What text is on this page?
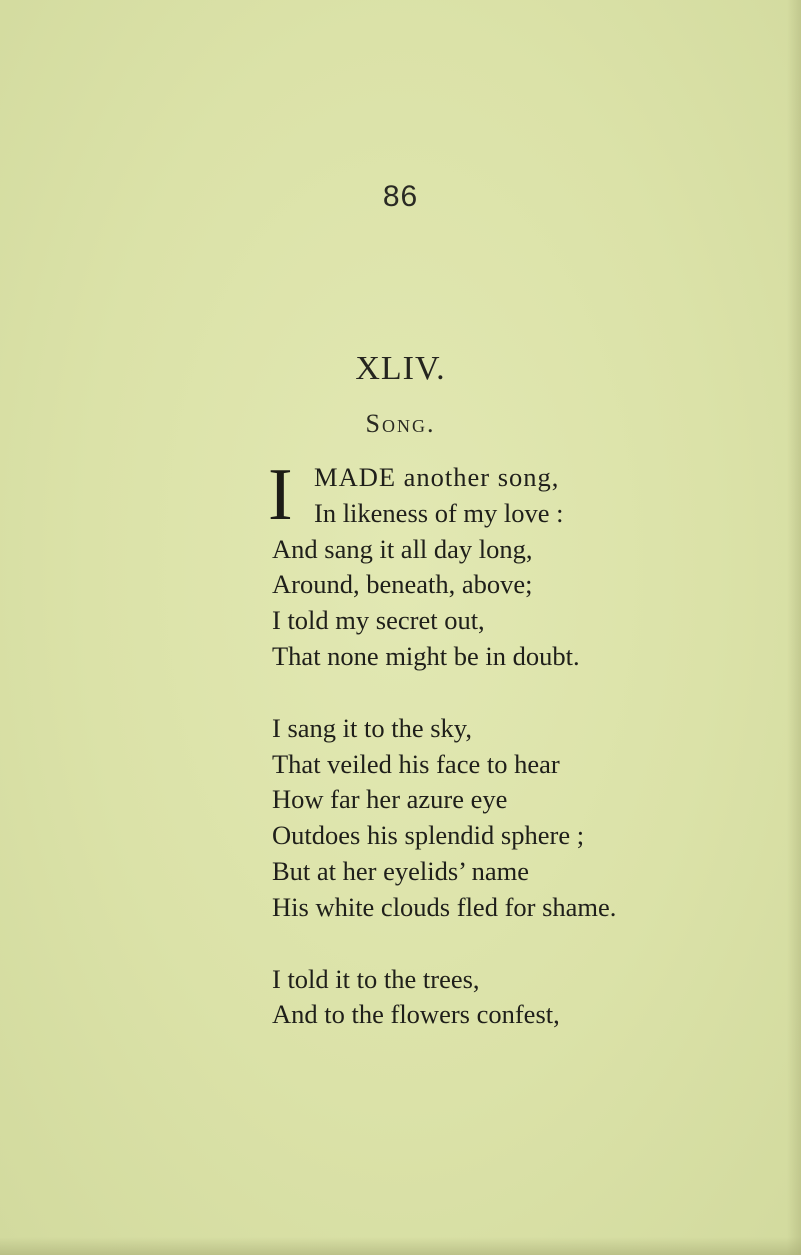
86
XLIV.
Song.
I MADE another song,
In likeness of my love :
And sang it all day long,
Around, beneath, above;
I told my secret out,
That none might be in doubt.
I sang it to the sky,
That veiled his face to hear
How far her azure eye
Outdoes his splendid sphere ;
But at her eyelids’ name
His white clouds fled for shame.
I told it to the trees,
And to the flowers confest,
